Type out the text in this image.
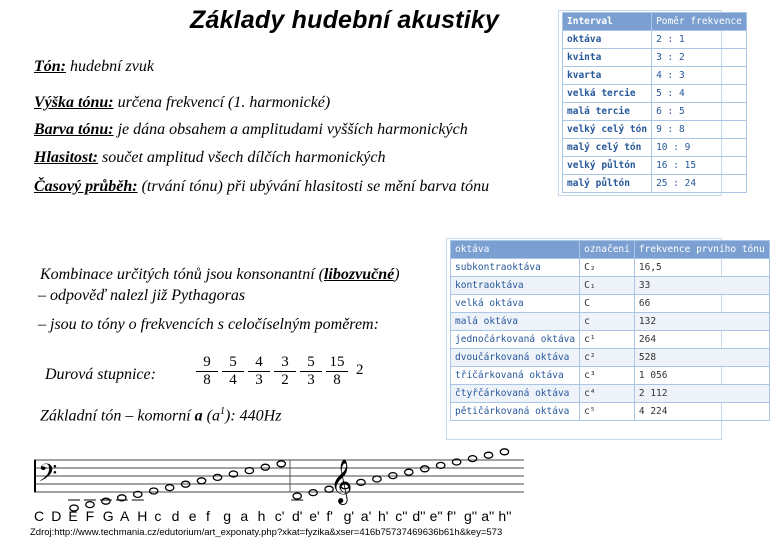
Základy hudební akustiky
Tón: hudební zvuk
Výška tónu: určena frekvencí (1. harmonické)
Barva tónu: je dána obsahem a amplitudami vyšších harmonických
Hlasitost: součet amplitud všech dílčích harmonických
Časový průběh: (trvání tónu) při ubývání hlasitosti se mění barva tónu
Kombinace určitých tónů jsou konsonantní (libozvučné)
– odpověď nalezl již Pythagoras
– jsou to tóny o frekvencích s celočíselným poměrem:
Durová stupnice:
9
8
5
4
4
3
3
2
5
3
15
8
2
Základní tón – komorní a $(a^1)$: 440Hz
Interval	Poměr frekvence
oktáva	2 : 1
kvinta	3 : 2
kvarta	4 : 3
velká tercie	5 : 4
malá tercie	6 : 5
velký celý tón	9 : 8
malý celý tón	10 : 9
velký půltón	16 : 15
malý půltón	25 : 24
oktáva	označení	frekvence prvního tónu
subkontraoktáva	C₂	16,5
kontraoktáva	C₁	33
velká oktáva	C	66
malá oktáva	c	132
jednočárkovaná oktáva	c¹	264
dvoučárkovaná oktáva	c²	528
tříčárkovaná oktáva	c³	1 056
čtyřčárkovaná oktáva	c⁴	2 112
pětičárkovaná oktáva	c⁵	4 224
𝄢	𝄞
C D E F G A H c d e f g a h c' d' e' f' g' a' h' c'' d'' e'' f'' g'' a'' h''
Zdroj:http://www.techmania.cz/edutorium/art_exponaty.php?xkat=fyzika&xser=416b75737469636b61h&key=573
